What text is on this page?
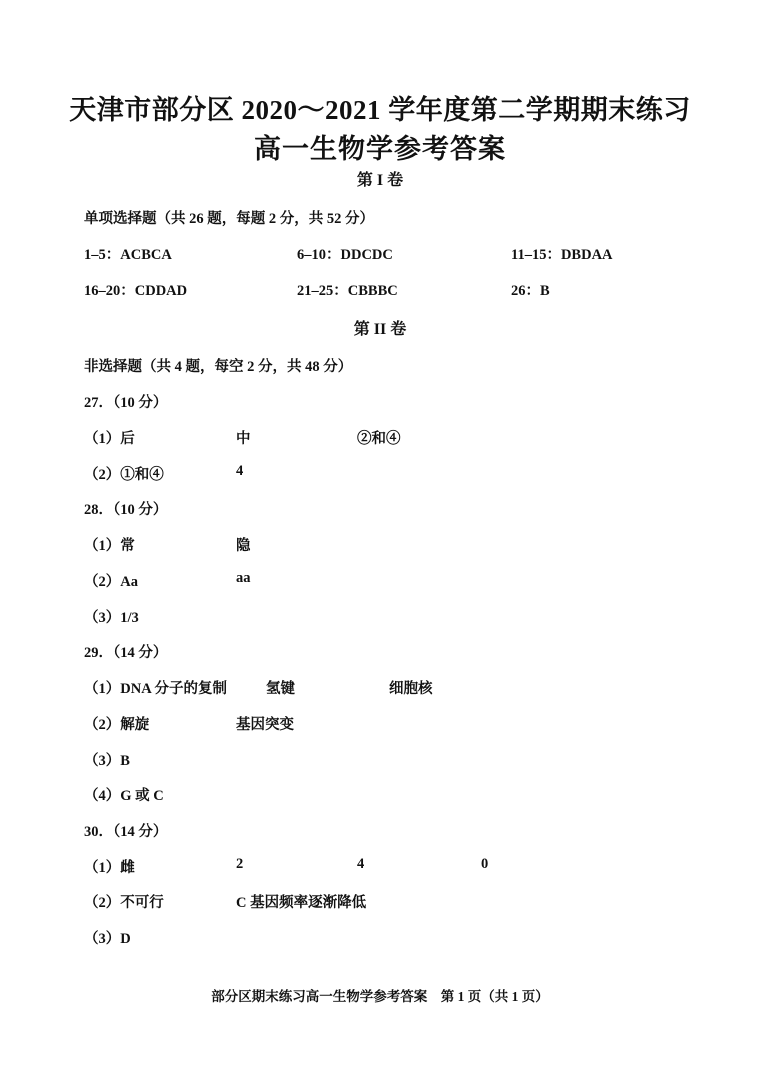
天津市部分区 2020～2021 学年度第二学期期末练习
高一生物学参考答案
第 I 卷
单项选择题（共 26 题，每题 2 分，共 52 分）
1–5：ACBCA	6–10：DDCDC	11–15：DBDAA
16–20：CDDAD	21–25：CBBBC	26：B
第 II 卷
非选择题（共 4 题，每空 2 分，共 48 分）
27．（10 分）
（1）后	中	②和④
（2）①和④	4
28．（10 分）
（1）常	隐
（2）Aa	aa
（3）1/3
29．（14 分）
（1）DNA 分子的复制	氢键	细胞核
（2）解旋	基因突变
（3）B
（4）G 或 C
30．（14 分）
（1）雌	2	4	0
（2）不可行	C 基因频率逐渐降低
（3）D
部分区期末练习高一生物学参考答案　第 1 页（共 1 页）
